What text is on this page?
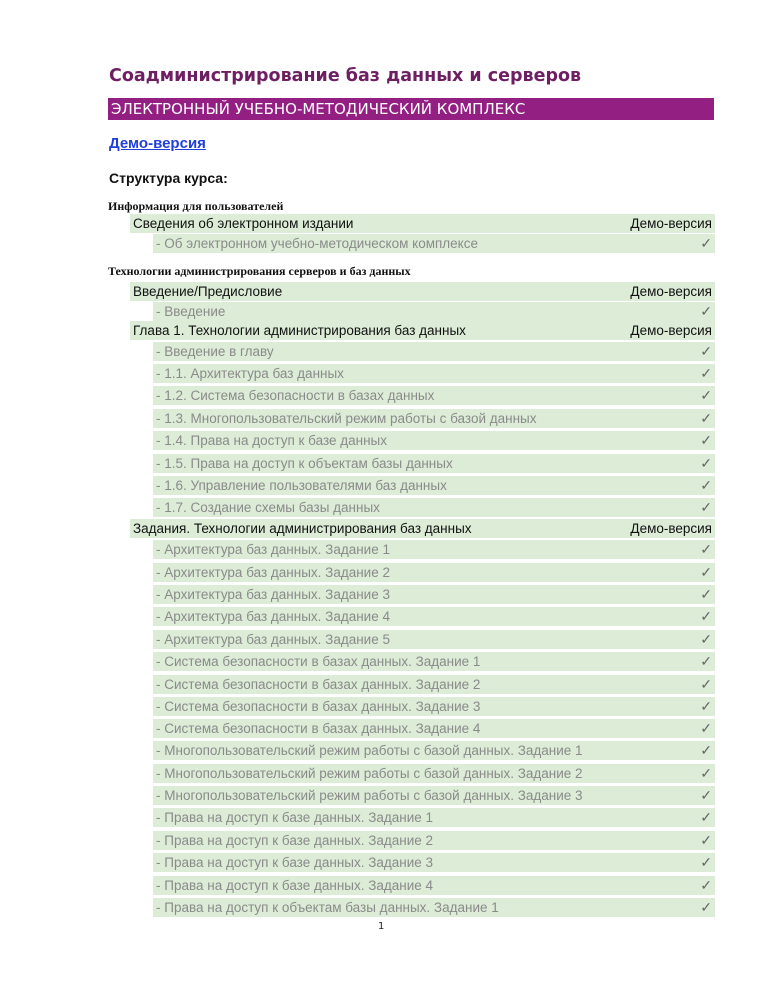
Соадминистрирование баз данных и серверов
ЭЛЕКТРОННЫЙ УЧЕБНО-МЕТОДИЧЕСКИЙ КОМПЛЕКС
Демо-версия
Структура курса:
Информация для пользователей
Сведения об электронном издании	Демо-версия
- Об электронном учебно-методическом комплексе	✓
Технологии администрирования серверов и баз данных
Введение/Предисловие	Демо-версия
- Введение	✓
Глава 1. Технологии администрирования баз данных	Демо-версия
- Введение в главу	✓
- 1.1. Архитектура баз данных	✓
- 1.2. Система безопасности в базах данных	✓
- 1.3. Многопользовательский режим работы с базой данных	✓
- 1.4. Права на доступ к базе данных	✓
- 1.5. Права на доступ к объектам базы данных	✓
- 1.6. Управление пользователями баз данных	✓
- 1.7. Создание схемы базы данных	✓
Задания. Технологии администрирования баз данных	Демо-версия
- Архитектура баз данных. Задание 1	✓
- Архитектура баз данных. Задание 2	✓
- Архитектура баз данных. Задание 3	✓
- Архитектура баз данных. Задание 4	✓
- Архитектура баз данных. Задание 5	✓
- Система безопасности в базах данных. Задание 1	✓
- Система безопасности в базах данных. Задание 2	✓
- Система безопасности в базах данных. Задание 3	✓
- Система безопасности в базах данных. Задание 4	✓
- Многопользовательский режим работы с базой данных. Задание 1	✓
- Многопользовательский режим работы с базой данных. Задание 2	✓
- Многопользовательский режим работы с базой данных. Задание 3	✓
- Права на доступ к базе данных. Задание 1	✓
- Права на доступ к базе данных. Задание 2	✓
- Права на доступ к базе данных. Задание 3	✓
- Права на доступ к базе данных. Задание 4	✓
- Права на доступ к объектам базы данных. Задание 1	✓
1
